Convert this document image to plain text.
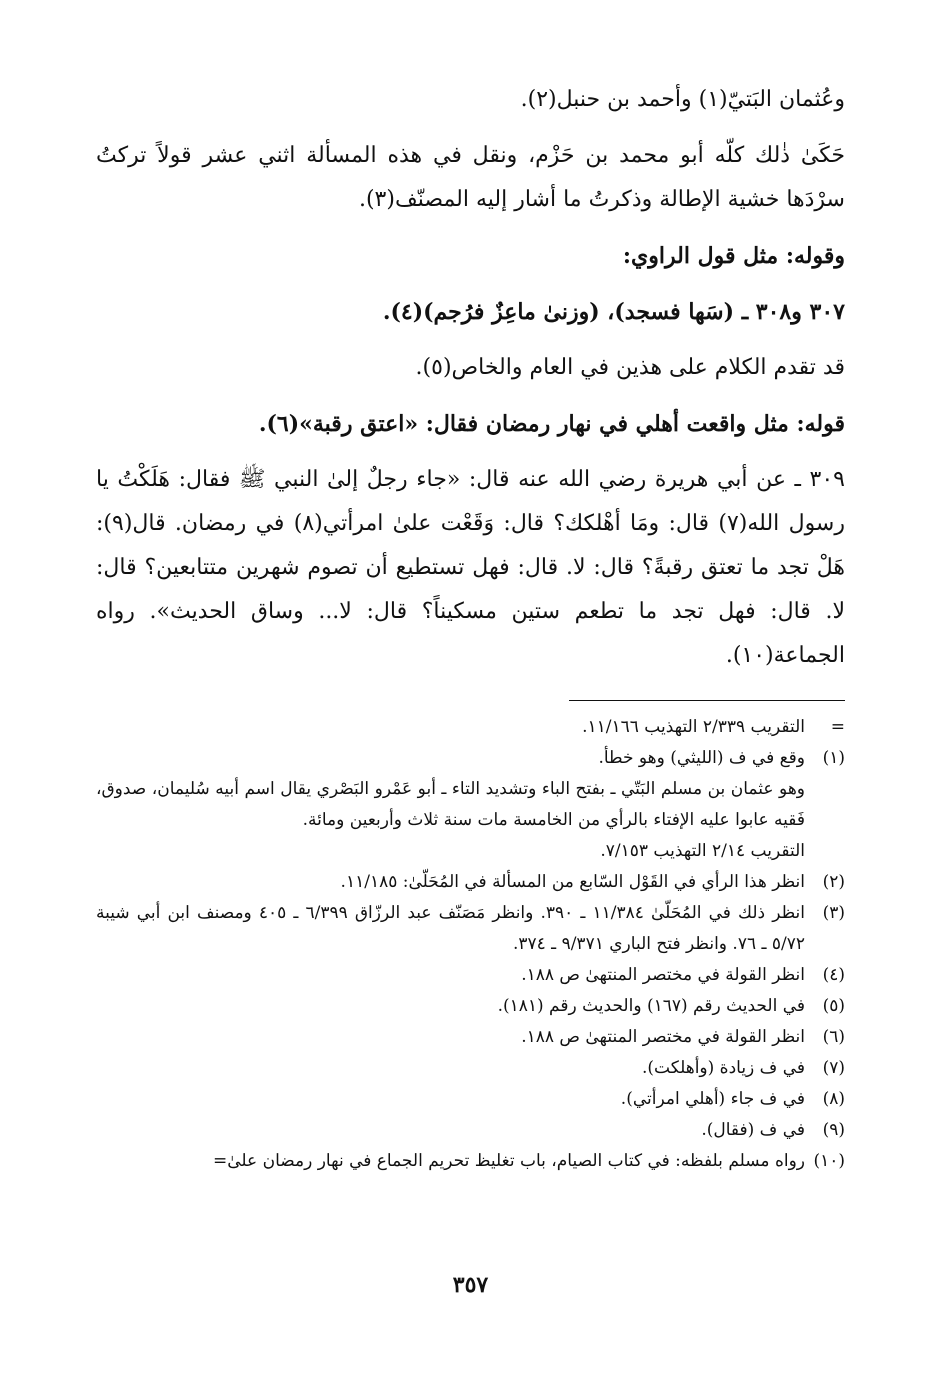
وعُثمان البَتيّ(١) وأحمد بن حنبل(٢).

حَكَىٰ ذٰلك كلّه أبو محمد بن حَزْم، ونقل في هذه المسألة اثني عشر قولاً تركتُ سرْدَها خشية الإطالة وذكرتُ ما أشار إليه المصنّف(٣).

وقوله: مثل قول الراوي:

٣٠٧ و٣٠٨ ـ (سَها فسجد)، (وزنىٰ ماعِزٌ فرُجم)(٤).

قد تقدم الكلام على هذين في العام والخاص(٥).

قوله: مثل واقعت أهلي في نهار رمضان فقال: «اعتق رقبة»(٦).

٣٠٩ ـ عن أبي هريرة رضي الله عنه قال: «جاء رجلٌ إلىٰ النبي ﷺ فقال: هَلَكْتُ يا رسول الله(٧) قال: ومَا أهْلكك؟ قال: وَقَعْت علىٰ امرأتي(٨) في رمضان. قال(٩): هَلْ تجد ما تعتق رقبةً؟ قال: لا. قال: فهل تستطيع أن تصوم شهرين متتابعين؟ قال: لا. قال: فهل تجد ما تطعم ستين مسكيناً؟ قال: لا... وساق الحديث». رواه الجماعة(١٠).

=
التقريب ٢/٣٣٩ التهذيب ١١/١٦٦.
(١)
وقع في ف (الليثي) وهو خطأ.
وهو عثمان بن مسلم البَتّي ـ بفتح الباء وتشديد التاء ـ أبو عَمْرو البَصْري يقال اسم أبيه سُليمان، صدوق، فَقيه عابوا عليه الإفتاء بالرأي من الخامسة مات سنة ثلاث وأربعين ومائة.
التقريب ٢/١٤ التهذيب ٧/١٥٣.
(٢)
انظر هذا الرأي في القَوْل السّابع من المسألة في المُحَلّىٰ: ١١/١٨٥.
(٣)
انظر ذلك في المُحَلّىٰ ١١/٣٨٤ ـ ٣٩٠. وانظر مَصَنّف عبد الرزّاق ٦/٣٩٩ ـ ٤٠٥ ومصنف ابن أبي شيبة ٥/٧٢ ـ ٧٦. وانظر فتح الباري ٩/٣٧١ ـ ٣٧٤.
(٤)
انظر القولة في مختصر المنتهىٰ ص ١٨٨.
(٥)
في الحديث رقم (١٦٧) والحديث رقم (١٨١).
(٦)
انظر القولة في مختصر المنتهىٰ ص ١٨٨.
(٧)
في ف زيادة (وأهلكت).
(٨)
في ف جاء (أهلي امرأتي).
(٩)
في ف (فقال).
(١٠)
رواه مسلم بلفظه: في كتاب الصيام، باب تغليظ تحريم الجماع في نهار رمضان علىٰ=
٣٥٧
